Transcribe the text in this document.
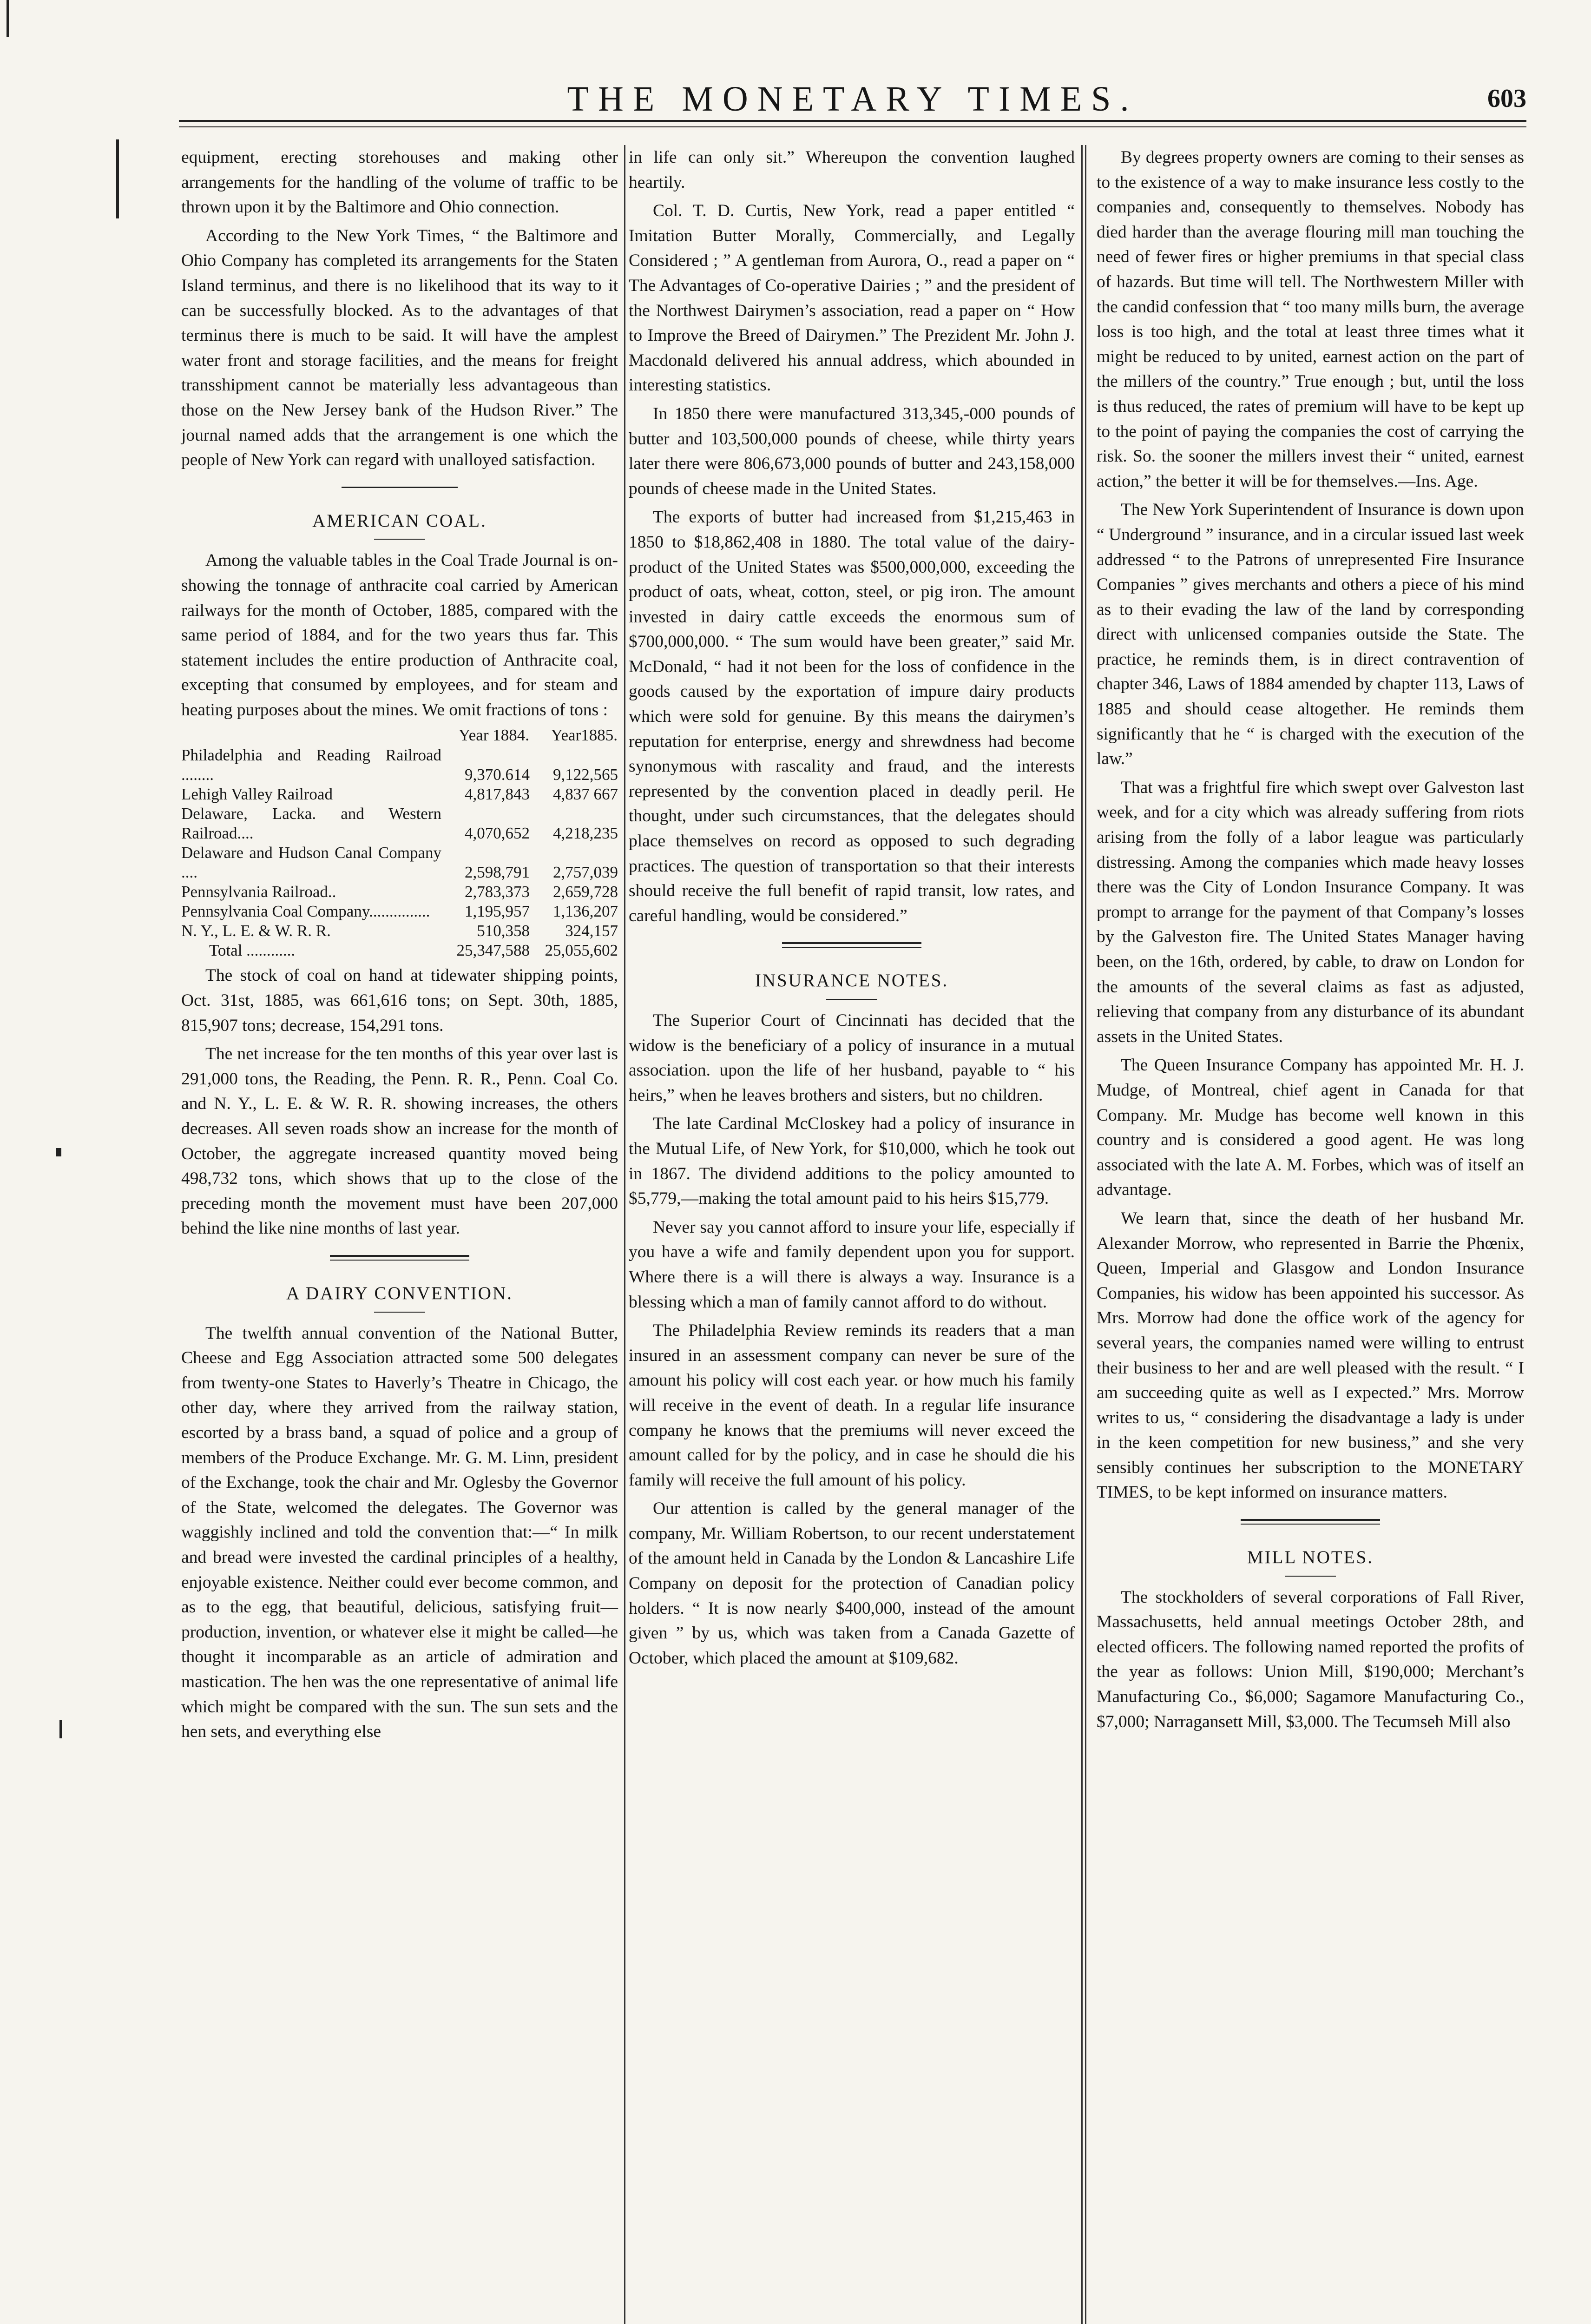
THE MONETARY TIMES.	603

equipment, erecting storehouses and making other arrangements for the handling of the volume of traffic to be thrown upon it by the Baltimore and Ohio connection.

According to the New York Times, “ the Baltimore and Ohio Company has completed its arrangements for the Staten Island terminus, and there is no likelihood that its way to it can be successfully blocked. As to the advantages of that terminus there is much to be said. It will have the amplest water front and storage facilities, and the means for freight transshipment cannot be materially less advantageous than those on the New Jersey bank of the Hudson River.” The journal named adds that the arrangement is one which the people of New York can regard with unalloyed satisfaction.

AMERICAN COAL.

Among the valuable tables in the Coal Trade Journal is on- showing the tonnage of anthracite coal carried by American railways for the month of October, 1885, compared with the same period of 1884, and for the two years thus far. This statement includes the entire production of Anthracite coal, excepting that consumed by employees, and for steam and heating purposes about the mines. We omit fractions of tons :

	Year 1884.	Year1885.
Philadelphia and Reading Railroad ........	9,370.614	9,122,565
Lehigh Valley Railroad	4,817,843	4,837 667
Delaware, Lacka. and Western Railroad....	4,070,652	4,218,235
Delaware and Hudson Canal Company ....	2,598,791	2,757,039
Pennsylvania Railroad..	2,783,373	2,659,728
Pennsylvania Coal Company...............	1,195,957	1,136,207
N. Y., L. E. & W. R. R.	510,358	324,157
Total ............	25,347,588	25,055,602

The stock of coal on hand at tidewater shipping points, Oct. 31st, 1885, was 661,616 tons; on Sept. 30th, 1885, 815,907 tons; decrease, 154,291 tons.

The net increase for the ten months of this year over last is 291,000 tons, the Reading, the Penn. R. R., Penn. Coal Co. and N. Y., L. E. & W. R. R. showing increases, the others decreases. All seven roads show an increase for the month of October, the aggregate increased quantity moved being 498,732 tons, which shows that up to the close of the preceding month the movement must have been 207,000 behind the like nine months of last year.

A DAIRY CONVENTION.

The twelfth annual convention of the National Butter, Cheese and Egg Association attracted some 500 delegates from twenty-one States to Haverly’s Theatre in Chicago, the other day, where they arrived from the railway station, escorted by a brass band, a squad of police and a group of members of the Produce Exchange. Mr. G. M. Linn, president of the Exchange, took the chair and Mr. Oglesby the Governor of the State, welcomed the delegates. The Governor was waggishly inclined and told the convention that:—“ In milk and bread were invested the cardinal principles of a healthy, enjoyable existence. Neither could ever become common, and as to the egg, that beautiful, delicious, satisfying fruit—production, invention, or whatever else it might be called—he thought it incomparable as an article of admiration and mastication. The hen was the one representative of animal life which might be compared with the sun. The sun sets and the hen sets, and everything else

in life can only sit.” Whereupon the convention laughed heartily.

Col. T. D. Curtis, New York, read a paper entitled “ Imitation Butter Morally, Commercially, and Legally Considered ; ” A gentleman from Aurora, O., read a paper on “ The Advantages of Co-operative Dairies ; ” and the president of the Northwest Dairymen’s association, read a paper on “ How to Improve the Breed of Dairymen.” The Prezident Mr. John J. Macdonald delivered his annual address, which abounded in interesting statistics.

In 1850 there were manufactured 313,345,-000 pounds of butter and 103,500,000 pounds of cheese, while thirty years later there were 806,673,000 pounds of butter and 243,158,000 pounds of cheese made in the United States.

The exports of butter had increased from $1,215,463 in 1850 to $18,862,408 in 1880. The total value of the dairy-product of the United States was $500,000,000, exceeding the product of oats, wheat, cotton, steel, or pig iron. The amount invested in dairy cattle exceeds the enormous sum of $700,000,000. “ The sum would have been greater,” said Mr. McDonald, “ had it not been for the loss of confidence in the goods caused by the exportation of impure dairy products which were sold for genuine. By this means the dairymen’s reputation for enterprise, energy and shrewdness had become synonymous with rascality and fraud, and the interests represented by the convention placed in deadly peril. He thought, under such circumstances, that the delegates should place themselves on record as opposed to such degrading practices. The question of transportation so that their interests should receive the full benefit of rapid transit, low rates, and careful handling, would be considered.”

INSURANCE NOTES.

The Superior Court of Cincinnati has decided that the widow is the beneficiary of a policy of insurance in a mutual association. upon the life of her husband, payable to “ his heirs,” when he leaves brothers and sisters, but no children.

The late Cardinal McCloskey had a policy of insurance in the Mutual Life, of New York, for $10,000, which he took out in 1867. The dividend additions to the policy amounted to $5,779,—making the total amount paid to his heirs $15,779.

Never say you cannot afford to insure your life, especially if you have a wife and family dependent upon you for support. Where there is a will there is always a way. Insurance is a blessing which a man of family cannot afford to do without.

The Philadelphia Review reminds its readers that a man insured in an assessment company can never be sure of the amount his policy will cost each year. or how much his family will receive in the event of death. In a regular life insurance company he knows that the premiums will never exceed the amount called for by the policy, and in case he should die his family will receive the full amount of his policy.

Our attention is called by the general manager of the company, Mr. William Robertson, to our recent understatement of the amount held in Canada by the London & Lancashire Life Company on deposit for the protection of Canadian policy holders. “ It is now nearly $400,000, instead of the amount given ” by us, which was taken from a Canada Gazette of October, which placed the amount at $109,682.

By degrees property owners are coming to their senses as to the existence of a way to make insurance less costly to the companies and, consequently to themselves. Nobody has died harder than the average flouring mill man touching the need of fewer fires or higher premiums in that special class of hazards. But time will tell. The Northwestern Miller with the candid confession that “ too many mills burn, the average loss is too high, and the total at least three times what it might be reduced to by united, earnest action on the part of the millers of the country.” True enough ; but, until the loss is thus reduced, the rates of premium will have to be kept up to the point of paying the companies the cost of carrying the risk. So. the sooner the millers invest their “ united, earnest action,” the better it will be for themselves.—Ins. Age.

The New York Superintendent of Insurance is down upon “ Underground ” insurance, and in a circular issued last week addressed “ to the Patrons of unrepresented Fire Insurance Companies ” gives merchants and others a piece of his mind as to their evading the law of the land by corresponding direct with unlicensed companies outside the State. The practice, he reminds them, is in direct contravention of chapter 346, Laws of 1884 amended by chapter 113, Laws of 1885 and should cease altogether. He reminds them significantly that he “ is charged with the execution of the law.”

That was a frightful fire which swept over Galveston last week, and for a city which was already suffering from riots arising from the folly of a labor league was particularly distressing. Among the companies which made heavy losses there was the City of London Insurance Company. It was prompt to arrange for the payment of that Company’s losses by the Galveston fire. The United States Manager having been, on the 16th, ordered, by cable, to draw on London for the amounts of the several claims as fast as adjusted, relieving that company from any disturbance of its abundant assets in the United States.

The Queen Insurance Company has appointed Mr. H. J. Mudge, of Montreal, chief agent in Canada for that Company. Mr. Mudge has become well known in this country and is considered a good agent. He was long associated with the late A. M. Forbes, which was of itself an advantage.

We learn that, since the death of her husband Mr. Alexander Morrow, who represented in Barrie the Phœnix, Queen, Imperial and Glasgow and London Insurance Companies, his widow has been appointed his successor. As Mrs. Morrow had done the office work of the agency for several years, the companies named were willing to entrust their business to her and are well pleased with the result. “ I am succeeding quite as well as I expected.” Mrs. Morrow writes to us, “ considering the disadvantage a lady is under in the keen competition for new business,” and she very sensibly continues her subscription to the MONETARY TIMES, to be kept informed on insurance matters.

MILL NOTES.

The stockholders of several corporations of Fall River, Massachusetts, held annual meetings October 28th, and elected officers. The following named reported the profits of the year as follows: Union Mill, $190,000; Merchant’s Manufacturing Co., $6,000; Sagamore Manufacturing Co., $7,000; Narragansett Mill, $3,000. The Tecumseh Mill also
